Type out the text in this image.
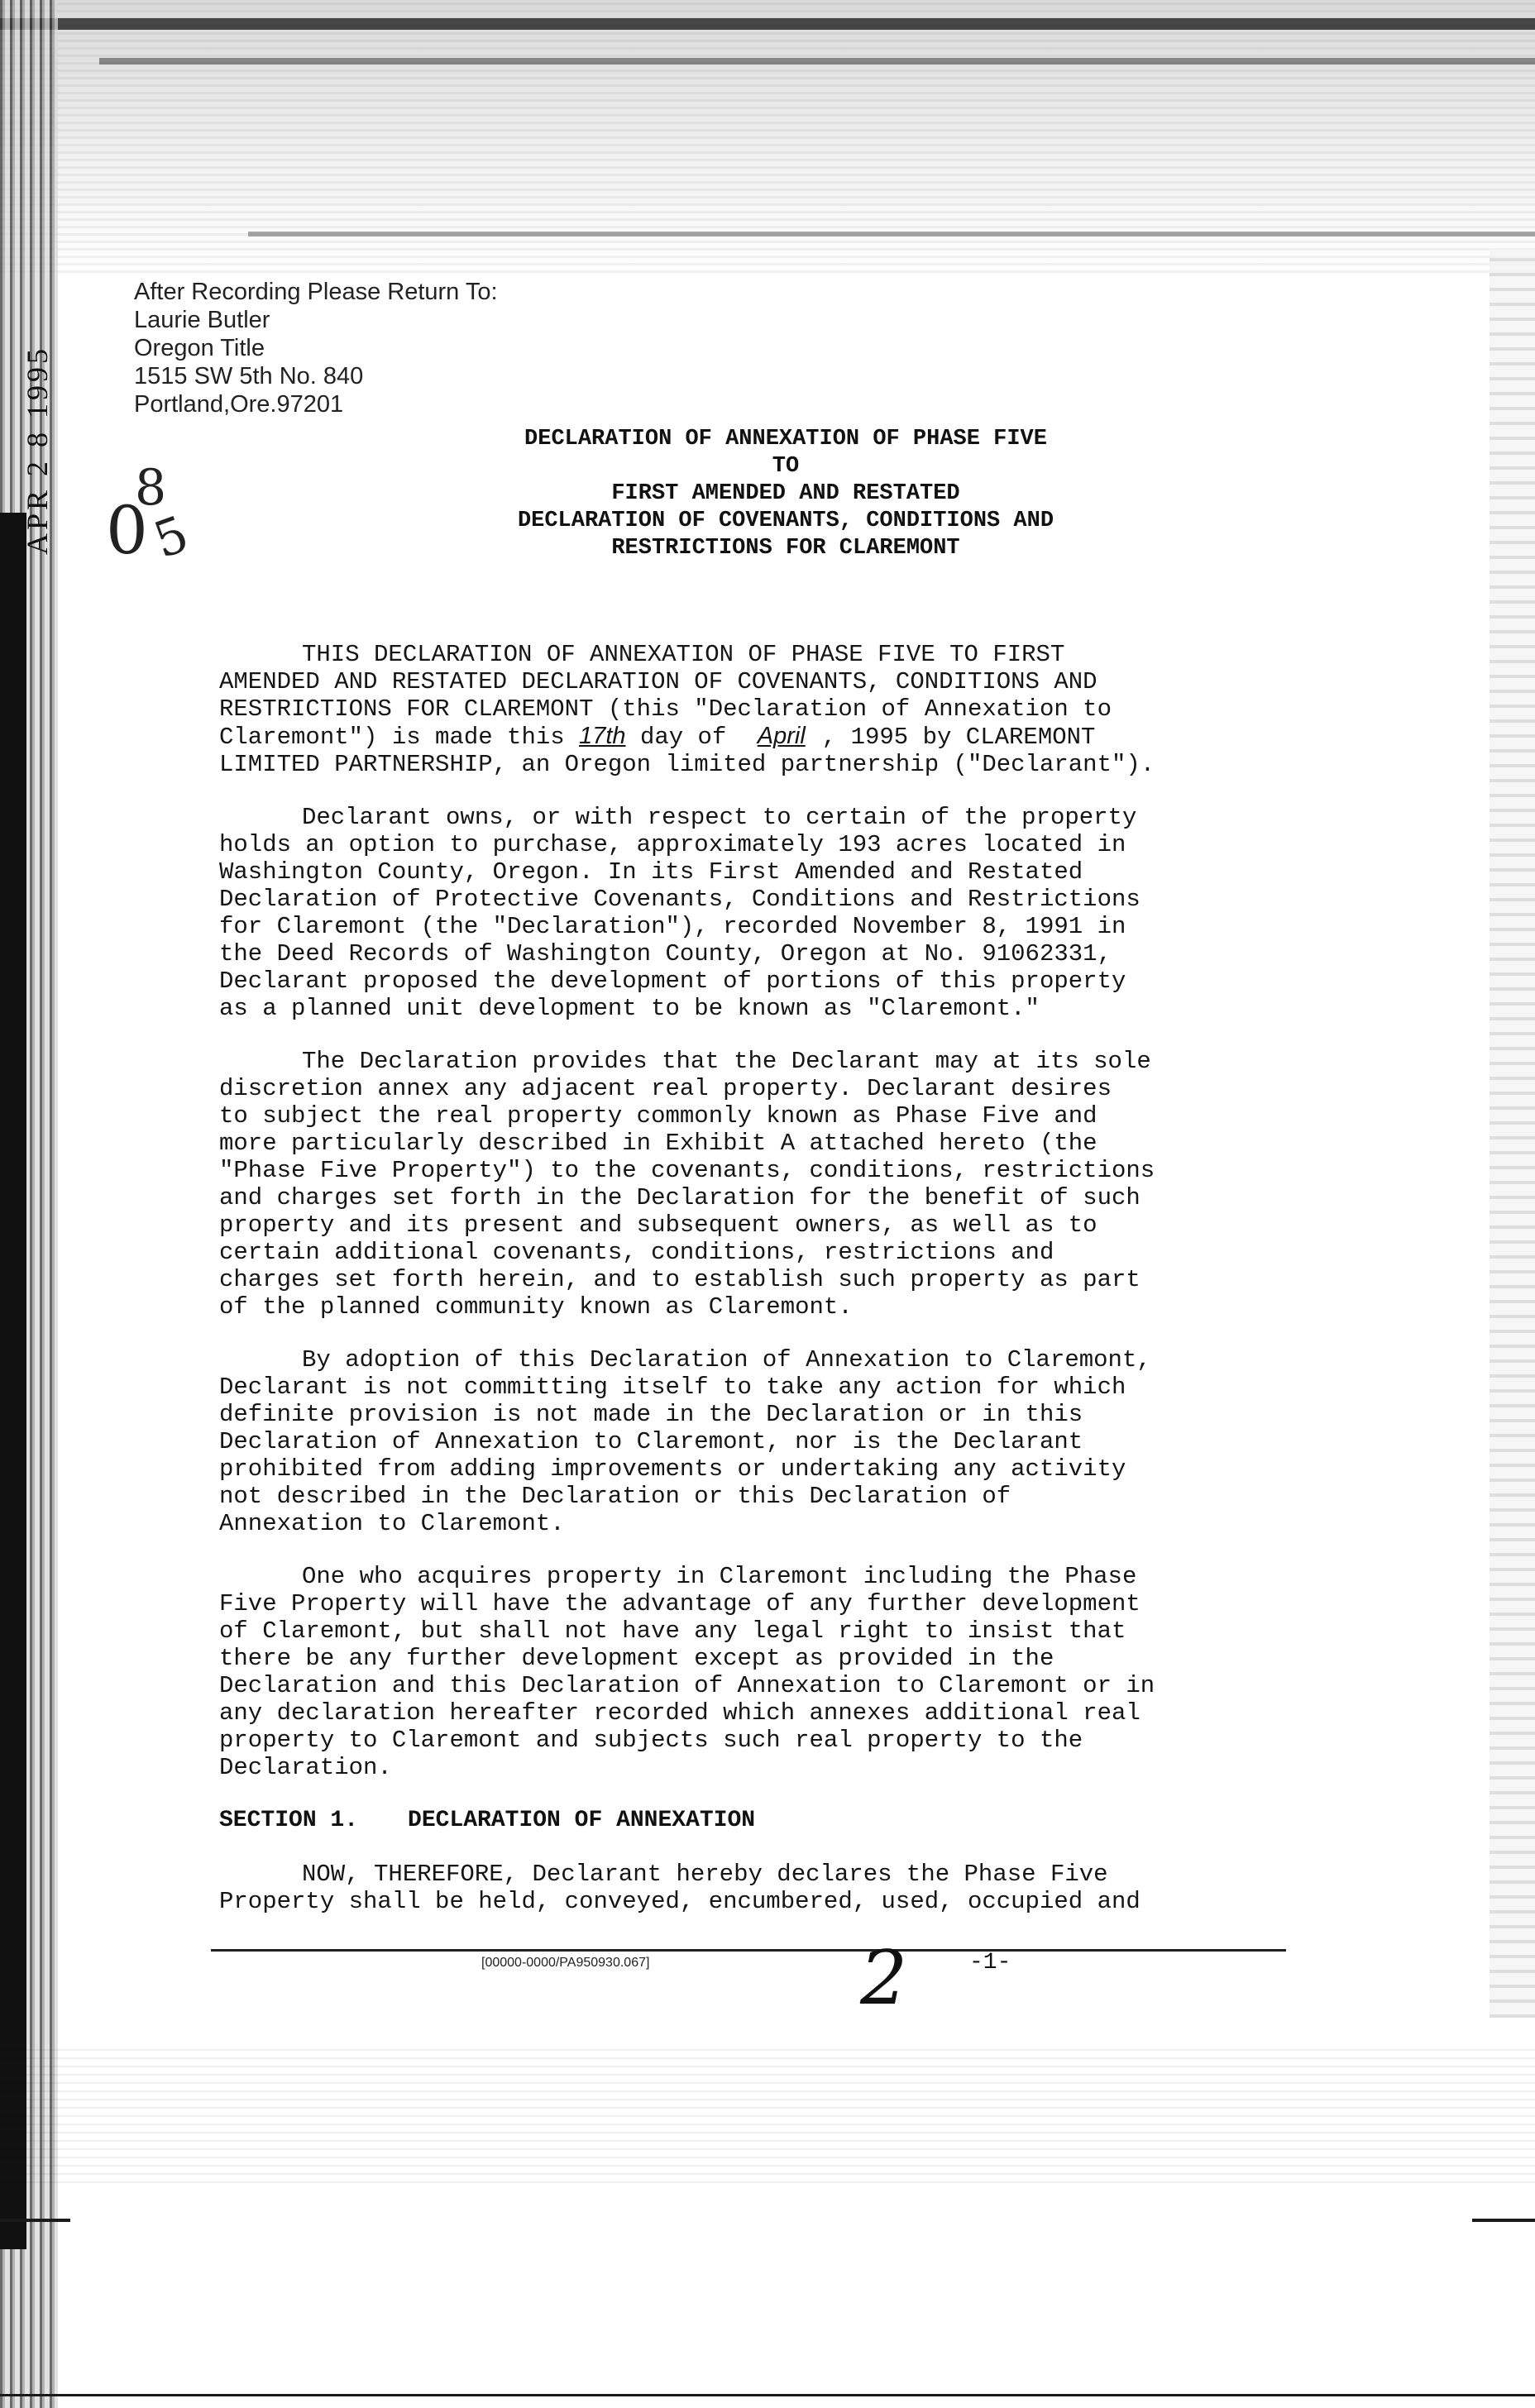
APR 2 8 1995
After Recording Please Return To:
Laurie Butler
Oregon Title
1515 SW 5th No. 840
Portland,Ore.97201
8
0
5
DECLARATION OF ANNEXATION OF PHASE FIVE
TO
FIRST AMENDED AND RESTATED
DECLARATION OF COVENANTS, CONDITIONS AND
RESTRICTIONS FOR CLAREMONT
THIS DECLARATION OF ANNEXATION OF PHASE FIVE TO FIRST
AMENDED AND RESTATED DECLARATION OF COVENANTS, CONDITIONS AND
RESTRICTIONS FOR CLAREMONT (this "Declaration of Annexation to
Claremont") is made this 17th day of April , 1995 by CLAREMONT
LIMITED PARTNERSHIP, an Oregon limited partnership ("Declarant").
Declarant owns, or with respect to certain of the property
holds an option to purchase, approximately 193 acres located in
Washington County, Oregon. In its First Amended and Restated
Declaration of Protective Covenants, Conditions and Restrictions
for Claremont (the "Declaration"), recorded November 8, 1991 in
the Deed Records of Washington County, Oregon at No. 91062331,
Declarant proposed the development of portions of this property
as a planned unit development to be known as "Claremont."
The Declaration provides that the Declarant may at its sole
discretion annex any adjacent real property. Declarant desires
to subject the real property commonly known as Phase Five and
more particularly described in Exhibit A attached hereto (the
"Phase Five Property") to the covenants, conditions, restrictions
and charges set forth in the Declaration for the benefit of such
property and its present and subsequent owners, as well as to
certain additional covenants, conditions, restrictions and
charges set forth herein, and to establish such property as part
of the planned community known as Claremont.
By adoption of this Declaration of Annexation to Claremont,
Declarant is not committing itself to take any action for which
definite provision is not made in the Declaration or in this
Declaration of Annexation to Claremont, nor is the Declarant
prohibited from adding improvements or undertaking any activity
not described in the Declaration or this Declaration of
Annexation to Claremont.
One who acquires property in Claremont including the Phase
Five Property will have the advantage of any further development
of Claremont, but shall not have any legal right to insist that
there be any further development except as provided in the
Declaration and this Declaration of Annexation to Claremont or in
any declaration hereafter recorded which annexes additional real
property to Claremont and subjects such real property to the
Declaration.
SECTION 1. DECLARATION OF ANNEXATION
NOW, THEREFORE, Declarant hereby declares the Phase Five
Property shall be held, conveyed, encumbered, used, occupied and
[00000-0000/PA950930.067]	2	-1-
